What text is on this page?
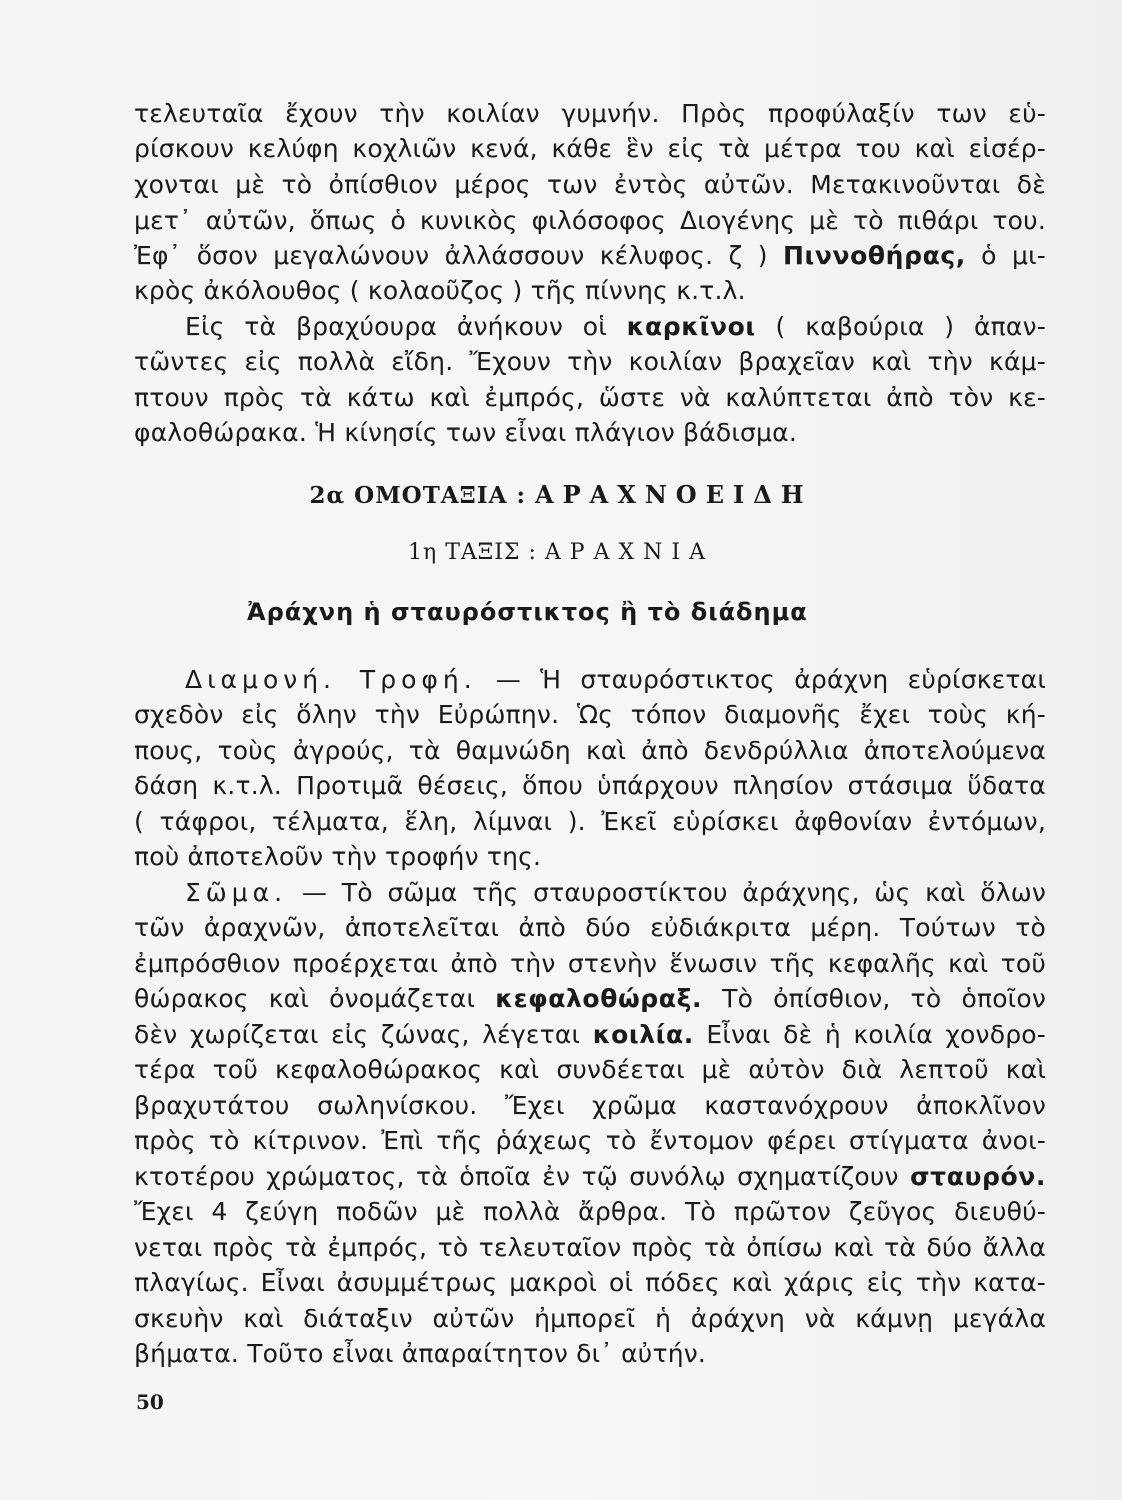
τελευταῖα ἔχουν τὴν κοιλίαν γυμνήν. Πρὸς προφύλαξίν των εὑ-
ρίσκουν κελύφη κοχλιῶν κενά, κάθε ἓν εἰς τὰ μέτρα του καὶ εἰσέρ-
χονται μὲ τὸ ὀπίσθιον μέρος των ἐντὸς αὐτῶν. Μετακινοῦνται δὲ
μετ᾽ αὐτῶν, ὅπως ὁ κυνικὸς φιλόσοφος Διογένης μὲ τὸ πιθάρι του.
Ἐφ᾽ ὅσον μεγαλώνουν ἀλλάσσουν κέλυφος. ζ ) Πιννοθήρας, ὁ μι-
κρὸς ἀκόλουθος ( κολαοῦζος ) τῆς πίννης κ.τ.λ.
Εἰς τὰ βραχύουρα ἀνήκουν οἱ καρκῖνοι ( καβούρια ) ἀπαν-
τῶντες εἰς πολλὰ εἴδη. Ἔχουν τὴν κοιλίαν βραχεῖαν καὶ τὴν κάμ-
πτουν πρὸς τὰ κάτω καὶ ἐμπρός, ὥστε νὰ καλύπτεται ἀπὸ τὸν κε-
φαλοθώρακα. Ἡ κίνησίς των εἶναι πλάγιον βάδισμα.
2α ΟΜΟΤΑΞΙΑ : ΑΡΑΧΝΟΕΙΔΗ
1η ΤΑΞΙΣ : ΑΡΑΧΝΙΑ
Ἀράχνη ἡ σταυρόστικτος ἢ τὸ διάδημα
Διαμονή. Τροφή. — Ἡ σταυρόστικτος ἀράχνη εὑρίσκεται
σχεδὸν εἰς ὅλην τὴν Εὐρώπην. Ὡς τόπον διαμονῆς ἔχει τοὺς κή-
πους, τοὺς ἀγρούς, τὰ θαμνώδη καὶ ἀπὸ δενδρύλλια ἀποτελούμενα
δάση κ.τ.λ. Προτιμᾶ θέσεις, ὅπου ὑπάρχουν πλησίον στάσιμα ὕδατα
( τάφροι, τέλματα, ἕλη, λίμναι ). Ἐκεῖ εὑρίσκει ἀφθονίαν ἐντόμων,
ποὺ ἀποτελοῦν τὴν τροφήν της.
Σῶμα. — Τὸ σῶμα τῆς σταυροστίκτου ἀράχνης, ὡς καὶ ὅλων
τῶν ἀραχνῶν, ἀποτελεῖται ἀπὸ δύο εὐδιάκριτα μέρη. Τούτων τὸ
ἐμπρόσθιον προέρχεται ἀπὸ τὴν στενὴν ἕνωσιν τῆς κεφαλῆς καὶ τοῦ
θώρακος καὶ ὀνομάζεται κεφαλοθώραξ. Τὸ ὀπίσθιον, τὸ ὁποῖον
δὲν χωρίζεται εἰς ζώνας, λέγεται κοιλία. Εἶναι δὲ ἡ κοιλία χονδρο-
τέρα τοῦ κεφαλοθώρακος καὶ συνδέεται μὲ αὐτὸν διὰ λεπτοῦ καὶ
βραχυτάτου σωληνίσκου. Ἔχει χρῶμα καστανόχρουν ἀποκλῖνον
πρὸς τὸ κίτρινον. Ἐπὶ τῆς ῥάχεως τὸ ἔντομον φέρει στίγματα ἀνοι-
κτοτέρου χρώματος, τὰ ὁποῖα ἐν τῷ συνόλῳ σχηματίζουν σταυρόν.
Ἔχει 4 ζεύγη ποδῶν μὲ πολλὰ ἄρθρα. Τὸ πρῶτον ζεῦγος διευθύ-
νεται πρὸς τὰ ἐμπρός, τὸ τελευταῖον πρὸς τὰ ὀπίσω καὶ τὰ δύο ἄλλα
πλαγίως. Εἶναι ἀσυμμέτρως μακροὶ οἱ πόδες καὶ χάρις εἰς τὴν κατα-
σκευὴν καὶ διάταξιν αὐτῶν ἠμπορεῖ ἡ ἀράχνη νὰ κάμνῃ μεγάλα
βήματα. Τοῦτο εἶναι ἀπαραίτητον δι᾽ αὐτήν.
50
